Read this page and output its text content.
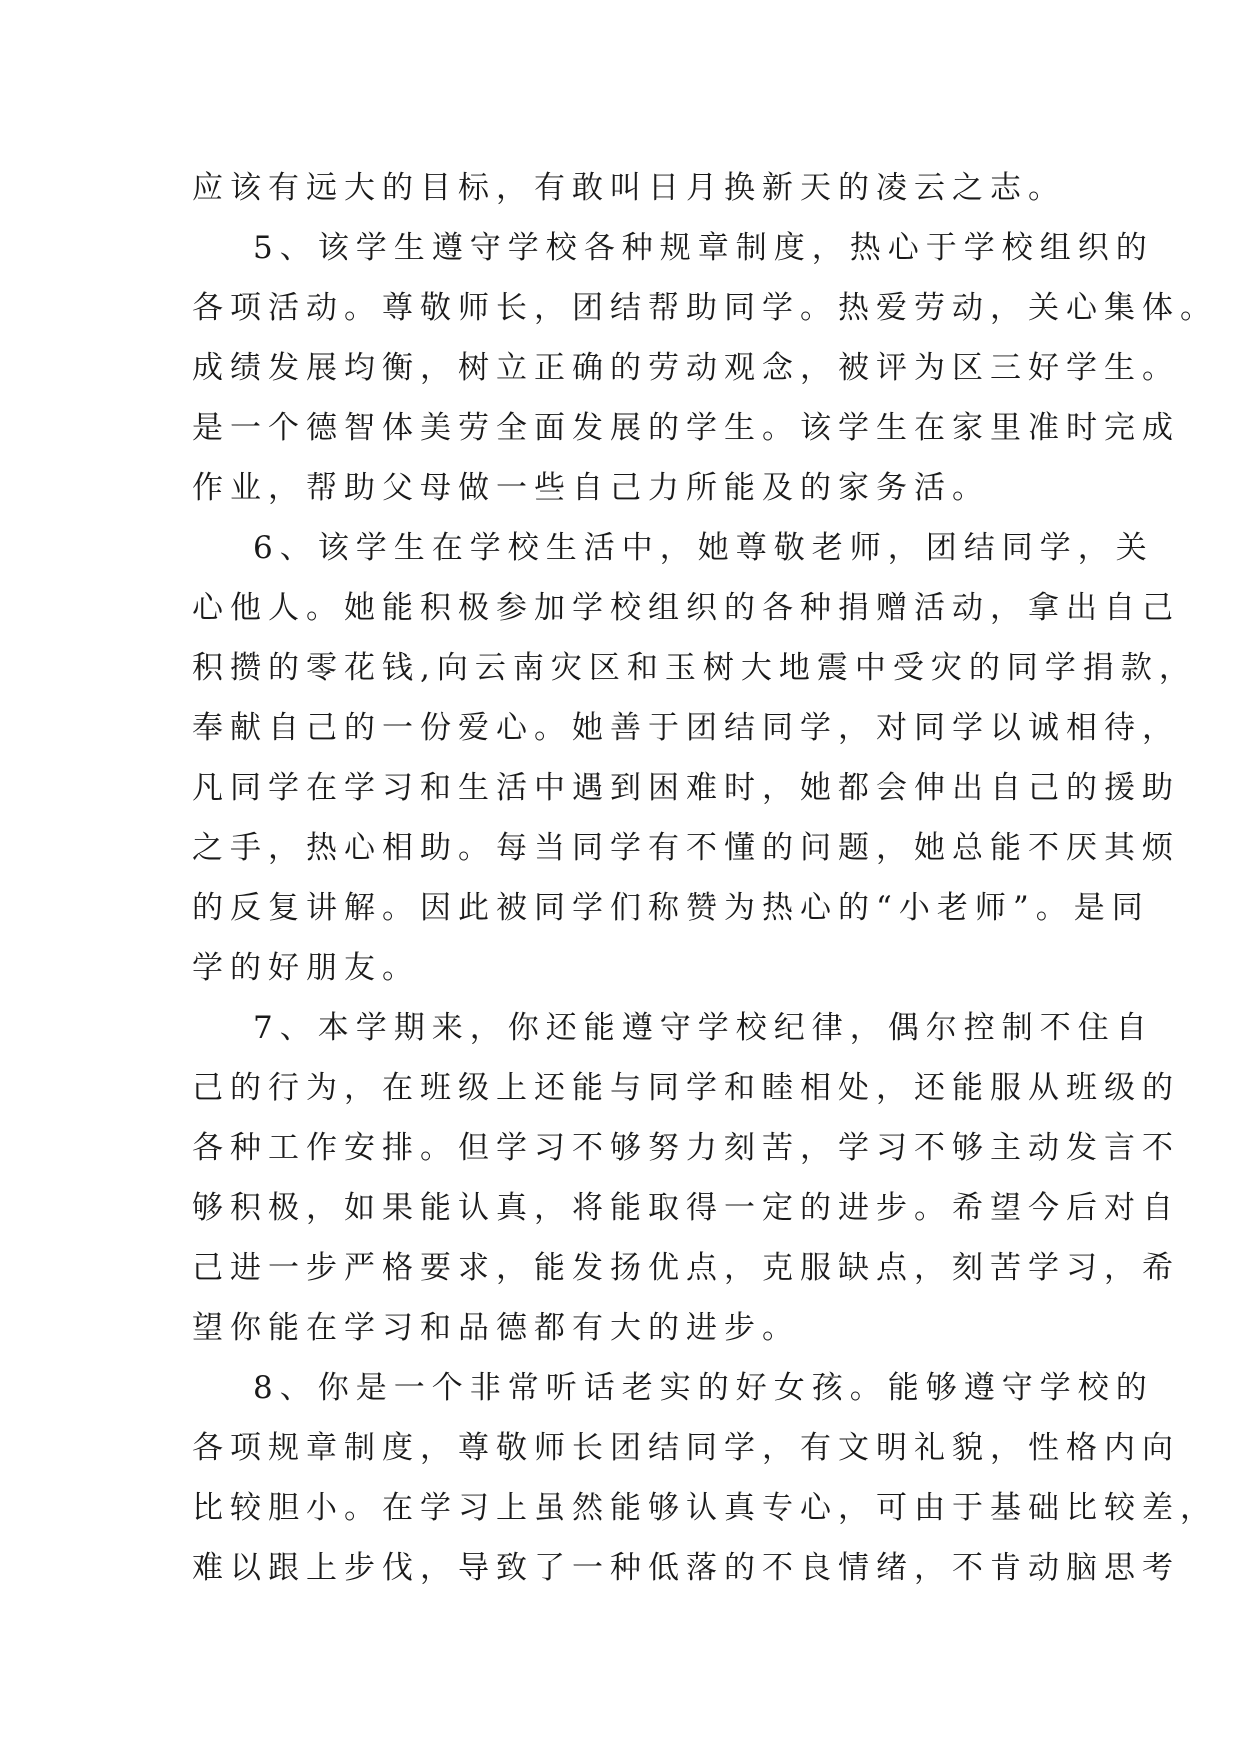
应该有远大的目标，有敢叫日月换新天的凌云之志。
5、该学生遵守学校各种规章制度，热心于学校组织的
各项活动。尊敬师长，团结帮助同学。热爱劳动，关心集体。
成绩发展均衡，树立正确的劳动观念，被评为区三好学生。
是一个德智体美劳全面发展的学生。该学生在家里准时完成
作业，帮助父母做一些自己力所能及的家务活。
6、该学生在学校生活中，她尊敬老师，团结同学，关
心他人。她能积极参加学校组织的各种捐赠活动，拿出自己
积攒的零花钱,向云南灾区和玉树大地震中受灾的同学捐款，
奉献自己的一份爱心。她善于团结同学，对同学以诚相待，
凡同学在学习和生活中遇到困难时，她都会伸出自己的援助
之手，热心相助。每当同学有不懂的问题，她总能不厌其烦
的反复讲解。因此被同学们称赞为热心的“小老师”。是同
学的好朋友。
7、本学期来，你还能遵守学校纪律，偶尔控制不住自
己的行为，在班级上还能与同学和睦相处，还能服从班级的
各种工作安排。但学习不够努力刻苦，学习不够主动发言不
够积极，如果能认真，将能取得一定的进步。希望今后对自
己进一步严格要求，能发扬优点，克服缺点，刻苦学习，希
望你能在学习和品德都有大的进步。
8、你是一个非常听话老实的好女孩。能够遵守学校的
各项规章制度，尊敬师长团结同学，有文明礼貌，性格内向
比较胆小。在学习上虽然能够认真专心，可由于基础比较差，
难以跟上步伐，导致了一种低落的不良情绪，不肯动脑思考
